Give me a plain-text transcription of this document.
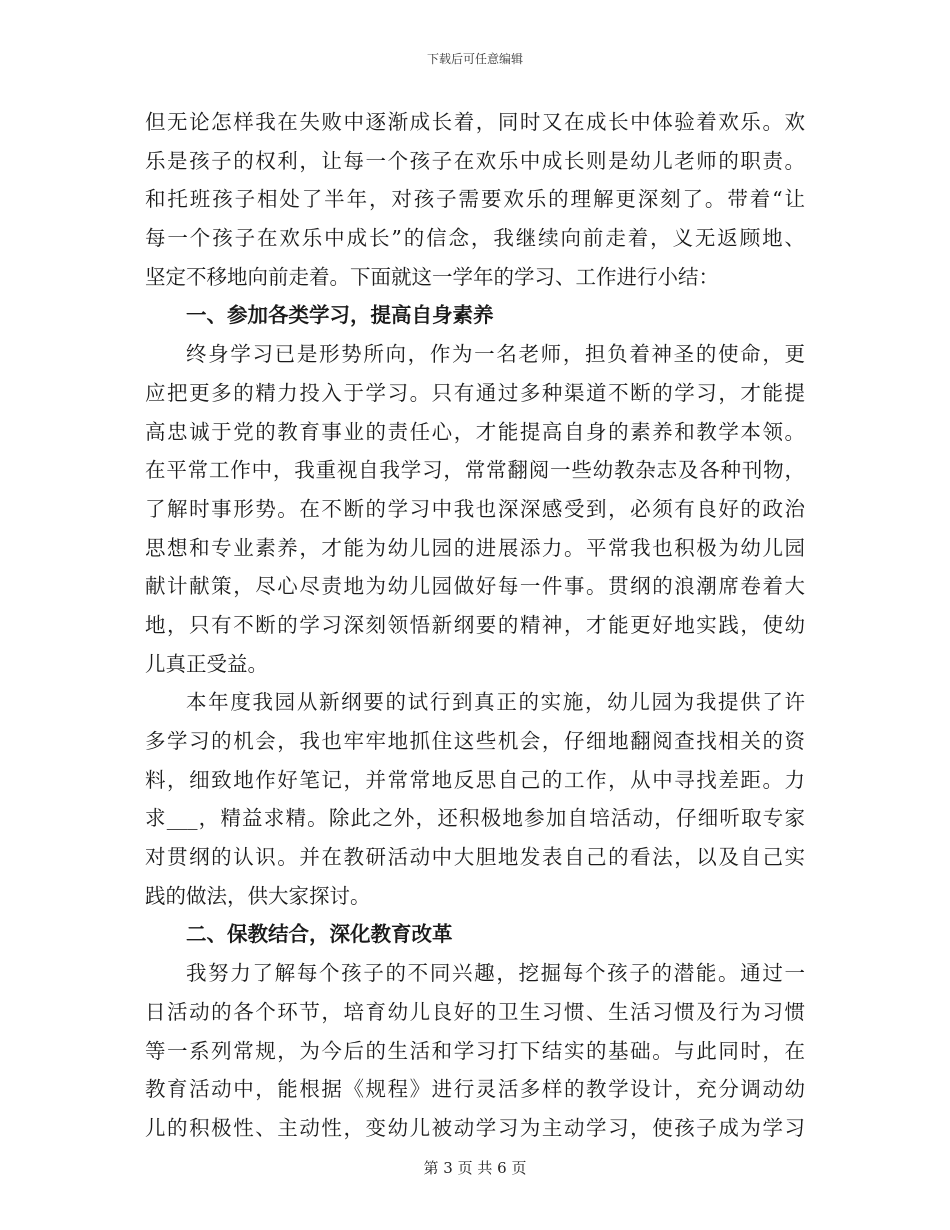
下载后可任意编辑
但无论怎样我在失败中逐渐成长着，同时又在成长中体验着欢乐。欢
乐是孩子的权利，让每一个孩子在欢乐中成长则是幼儿老师的职责。
和托班孩子相处了半年，对孩子需要欢乐的理解更深刻了。带着“让
每一个孩子在欢乐中成长”的信念，我继续向前走着，义无返顾地、
坚定不移地向前走着。下面就这一学年的学习、工作进行小结：
一、参加各类学习，提高自身素养
终身学习已是形势所向，作为一名老师，担负着神圣的使命，更
应把更多的精力投入于学习。只有通过多种渠道不断的学习，才能提
高忠诚于党的教育事业的责任心，才能提高自身的素养和教学本领。
在平常工作中，我重视自我学习，常常翻阅一些幼教杂志及各种刊物，
了解时事形势。在不断的学习中我也深深感受到，必须有良好的政治
思想和专业素养，才能为幼儿园的进展添力。平常我也积极为幼儿园
献计献策，尽心尽责地为幼儿园做好每一件事。贯纲的浪潮席卷着大
地，只有不断的学习深刻领悟新纲要的精神，才能更好地实践，使幼
儿真正受益。
本年度我园从新纲要的试行到真正的实施，幼儿园为我提供了许
多学习的机会，我也牢牢地抓住这些机会，仔细地翻阅查找相关的资
料，细致地作好笔记，并常常地反思自己的工作，从中寻找差距。力
求___，精益求精。除此之外，还积极地参加自培活动，仔细听取专家
对贯纲的认识。并在教研活动中大胆地发表自己的看法，以及自己实
践的做法，供大家探讨。
二、保教结合，深化教育改革
我努力了解每个孩子的不同兴趣，挖掘每个孩子的潜能。通过一
日活动的各个环节，培育幼儿良好的卫生习惯、生活习惯及行为习惯
等一系列常规，为今后的生活和学习打下结实的基础。与此同时，在
教育活动中，能根据《规程》进行灵活多样的教学设计，充分调动幼
儿的积极性、主动性，变幼儿被动学习为主动学习，使孩子成为学习
第 3 页 共 6 页
